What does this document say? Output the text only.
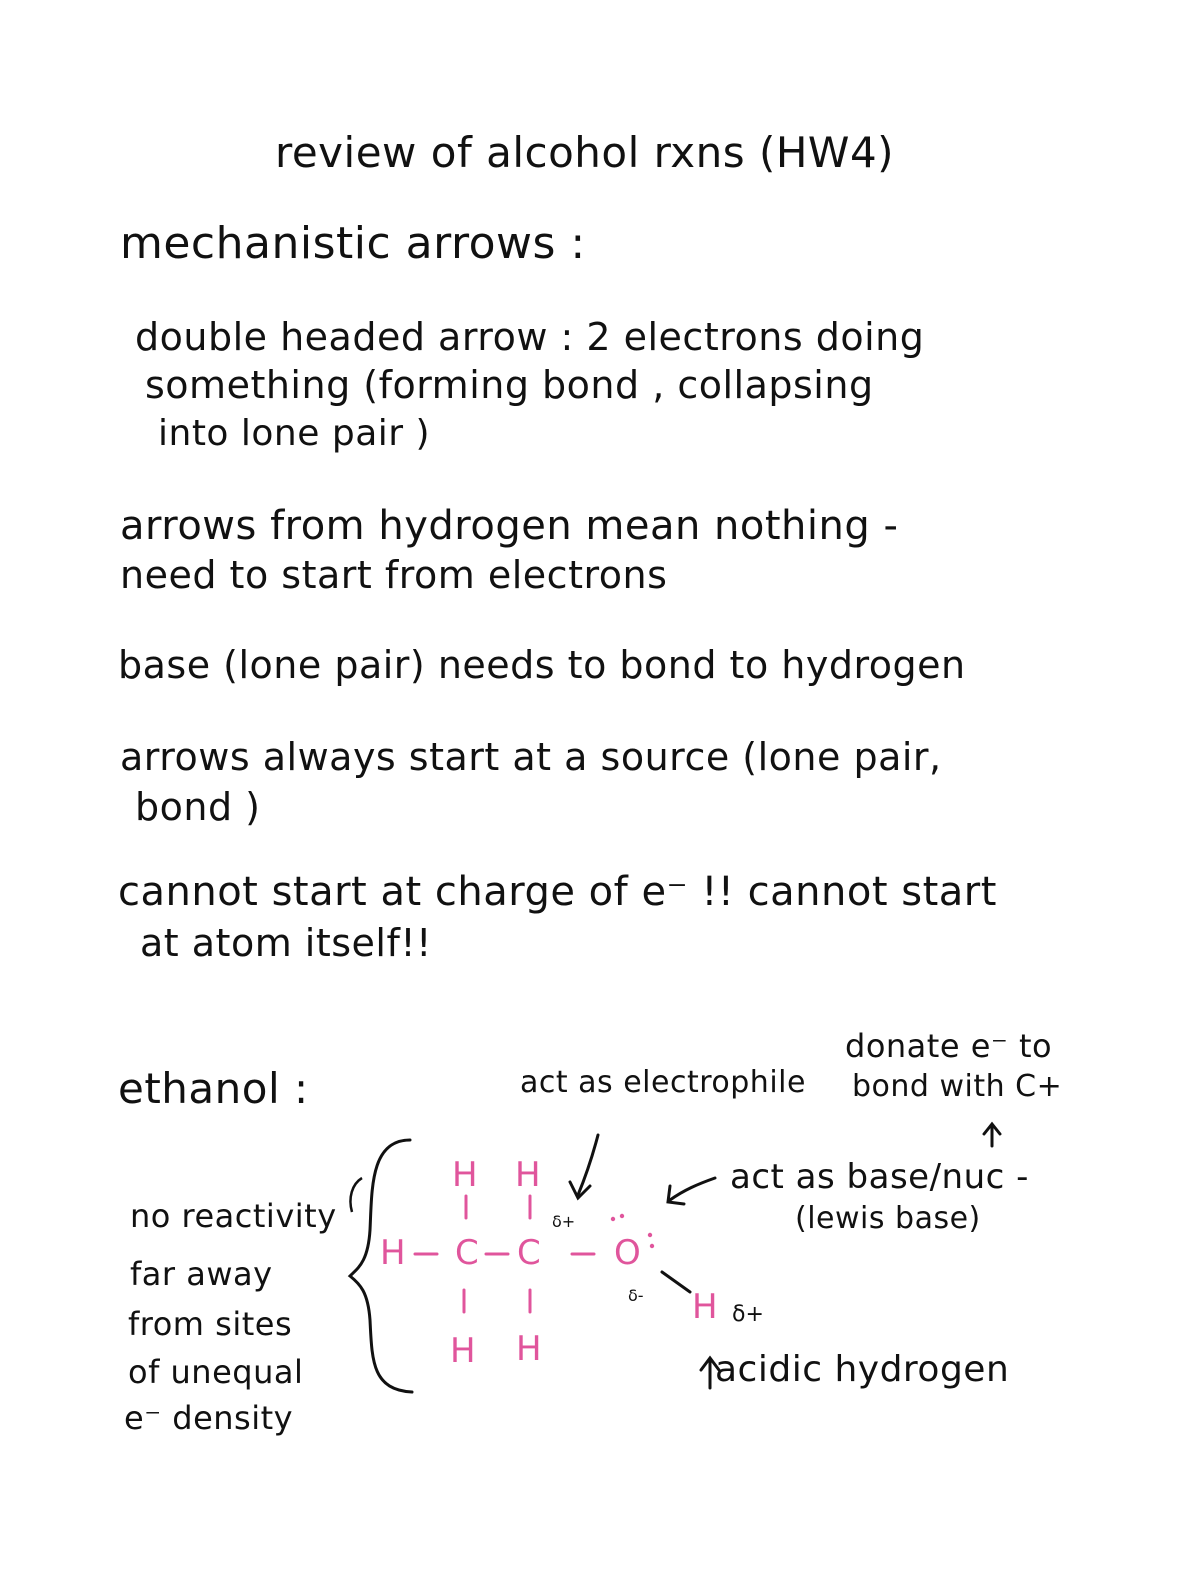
review of alcohol rxns (HW4)
mechanistic arrows :
double headed arrow : 2 electrons doing
something (forming bond , collapsing
into lone pair )
arrows from hydrogen mean nothing -
need to start from electrons
base (lone pair) needs to bond to hydrogen
arrows always start at a source (lone pair,
bond )
cannot start at charge of e⁻ !! cannot start
at atom itself!!
ethanol :	act as electrophile
donate e⁻ to
bond with C+
act as base/nuc -
(lewis base)
acidic hydrogen
no reactivity
far away
from sites
of unequal
e⁻ density
H C C O
H H
H H
H
δ+
δ-
δ+
